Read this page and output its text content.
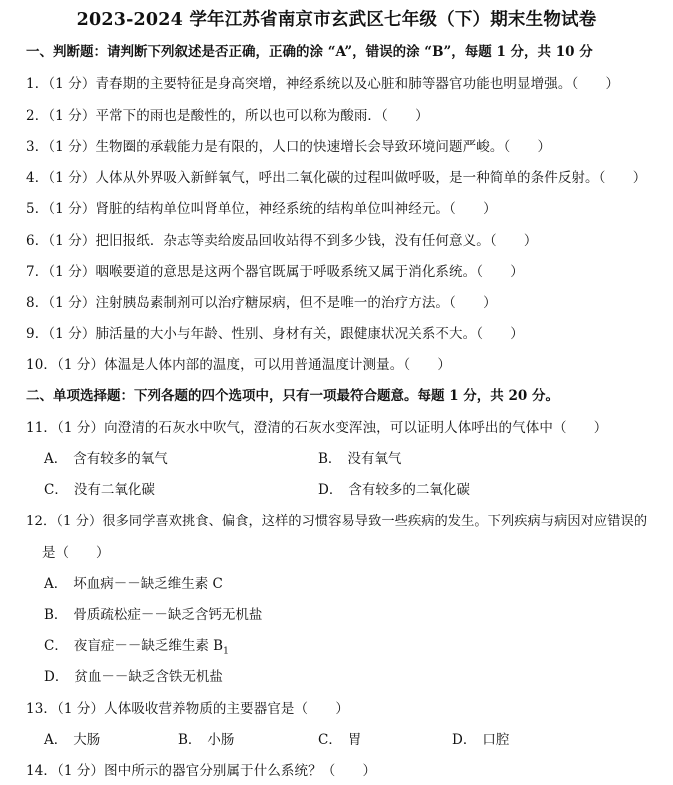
2023-2024 学年江苏省南京市玄武区七年级（下）期末生物试卷
一、判断题：请判断下列叙述是否正确，正确的涂 “A”，错误的涂 “B”，每题 1 分，共 10 分
1．（1 分）青春期的主要特征是身高突增，神经系统以及心脏和肺等器官功能也明显增强。（　　）
2．（1 分）平常下的雨也是酸性的，所以也可以称为酸雨．（　　）
3．（1 分）生物圈的承载能力是有限的，人口的快速增长会导致环境问题严峻。（　　）
4．（1 分）人体从外界吸入新鲜氧气，呼出二氧化碳的过程叫做呼吸，是一种简单的条件反射。（　　）
5．（1 分）肾脏的结构单位叫肾单位，神经系统的结构单位叫神经元。（　　）
6．（1 分）把旧报纸．杂志等卖给废品回收站得不到多少钱，没有任何意义。（　　）
7．（1 分）咽喉要道的意思是这两个器官既属于呼吸系统又属于消化系统。（　　）
8．（1 分）注射胰岛素制剂可以治疗糖尿病，但不是唯一的治疗方法。（　　）
9．（1 分）肺活量的大小与年龄、性别、身材有关，跟健康状况关系不大。（　　）
10．（1 分）体温是人体内部的温度，可以用普通温度计测量。（　　）
二、单项选择题：下列各题的四个选项中，只有一项最符合题意。每题 1 分，共 20 分。
11．（1 分）向澄清的石灰水中吹气，澄清的石灰水变浑浊，可以证明人体呼出的气体中（　　）
A． 含有较多的氧气	B． 没有氧气
C． 没有二氧化碳	D． 含有较多的二氧化碳
12．（1 分）很多同学喜欢挑食、偏食，这样的习惯容易导致一些疾病的发生。下列疾病与病因对应错误的
是（　　）
A． 坏血病－－缺乏维生素 C
B． 骨质疏松症－－缺乏含钙无机盐
C． 夜盲症－－缺乏维生素 $B_1$
D． 贫血－－缺乏含铁无机盐
13．（1 分）人体吸收营养物质的主要器官是（　　）
A． 大肠	B． 小肠	C． 胃	D． 口腔
14．（1 分）图中所示的器官分别属于什么系统？（　　）
